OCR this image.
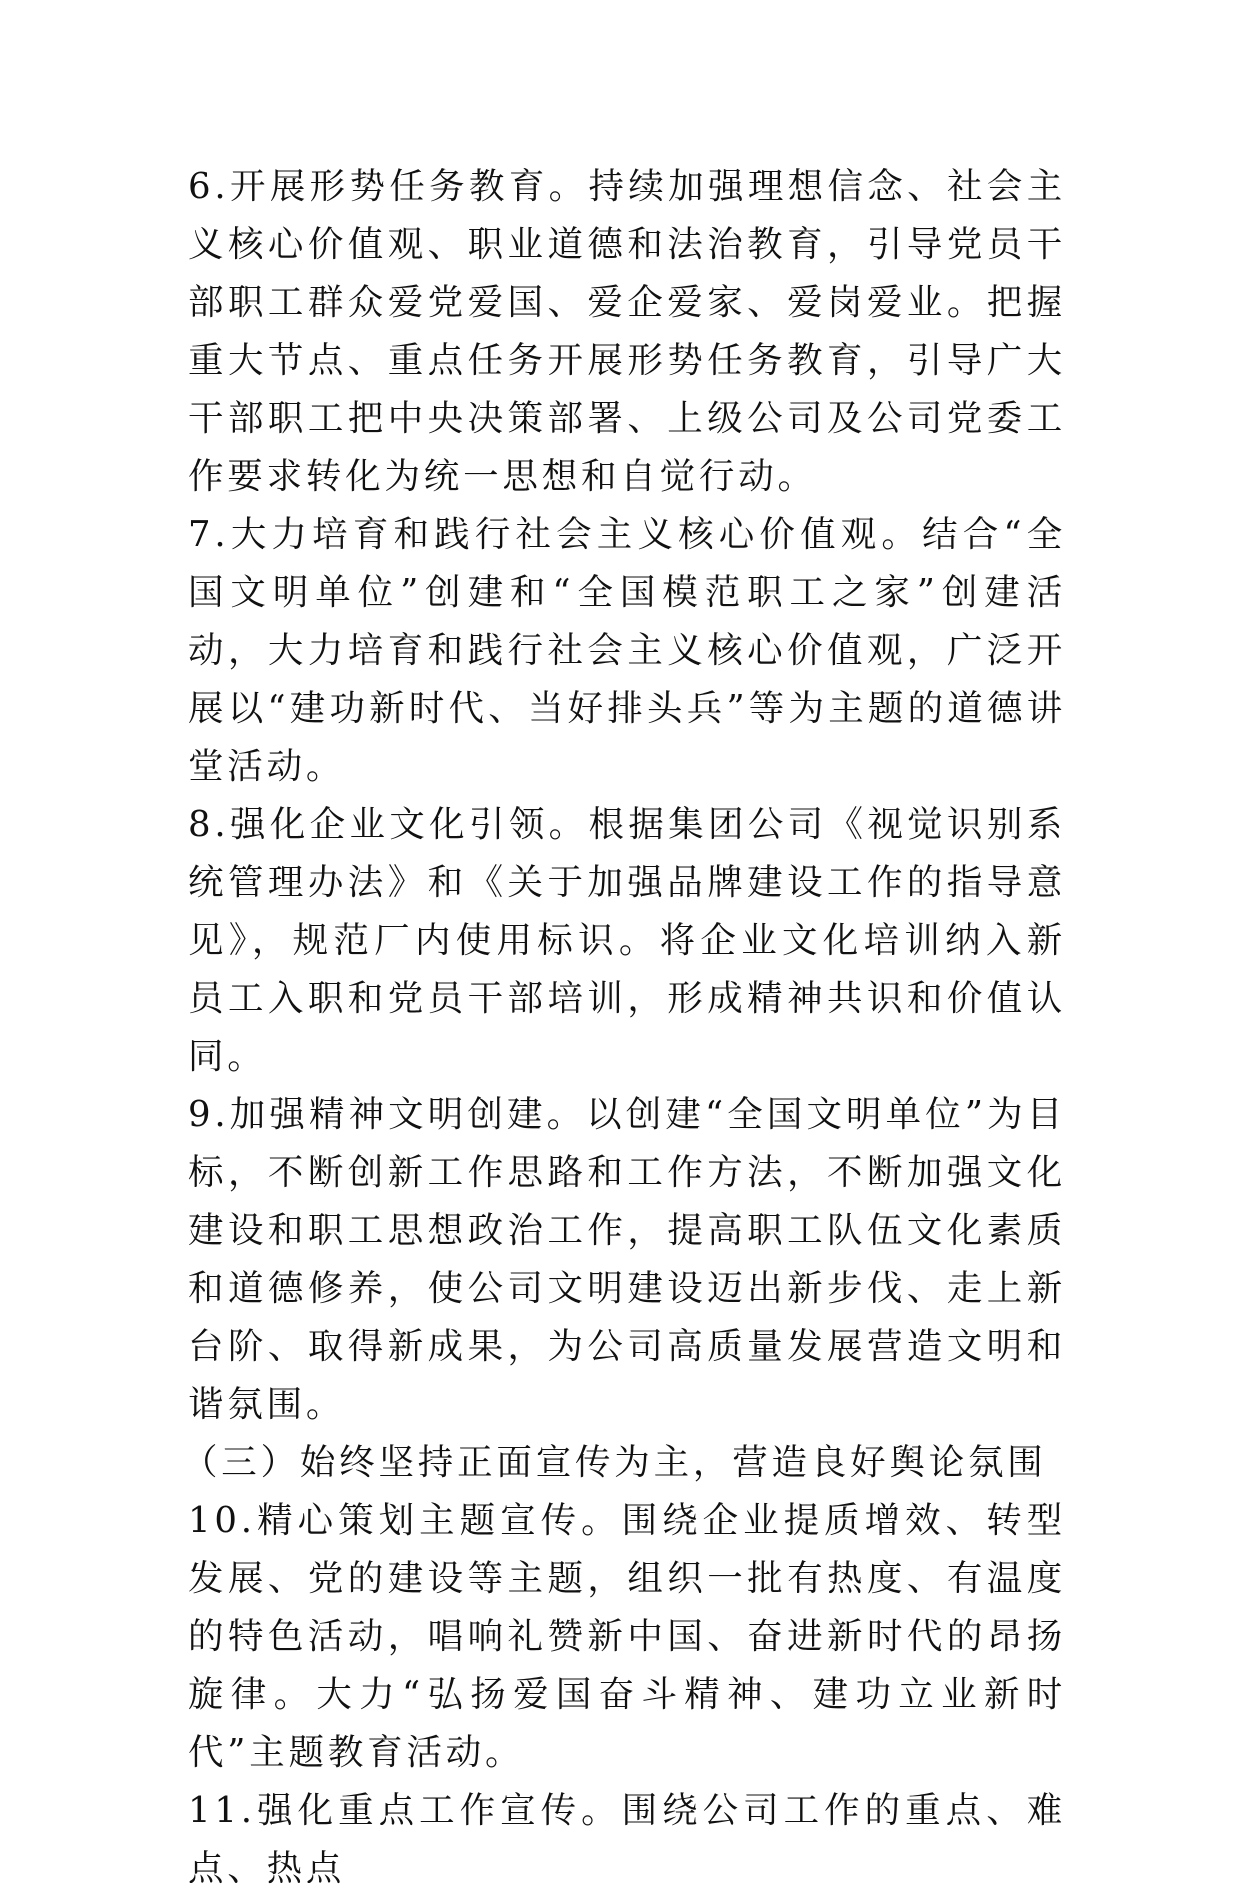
6.开展形势任务教育。持续加强理想信念、社会主义核心价值观、职业道德和法治教育，引导党员干部职工群众爱党爱国、爱企爱家、爱岗爱业。把握重大节点、重点任务开展形势任务教育，引导广大干部职工把中央决策部署、上级公司及公司党委工作要求转化为统一思想和自觉行动。

7.大力培育和践行社会主义核心价值观。结合“全国文明单位”创建和“全国模范职工之家”创建活动，大力培育和践行社会主义核心价值观，广泛开展以“建功新时代、当好排头兵”等为主题的道德讲堂活动。

8.强化企业文化引领。根据集团公司《视觉识别系统管理办法》和《关于加强品牌建设工作的指导意见》，规范厂内使用标识。将企业文化培训纳入新员工入职和党员干部培训，形成精神共识和价值认同。

9.加强精神文明创建。以创建“全国文明单位”为目标，不断创新工作思路和工作方法，不断加强文化建设和职工思想政治工作，提高职工队伍文化素质和道德修养，使公司文明建设迈出新步伐、走上新台阶、取得新成果，为公司高质量发展营造文明和谐氛围。

（三）始终坚持正面宣传为主，营造良好舆论氛围

10.精心策划主题宣传。围绕企业提质增效、转型发展、党的建设等主题，组织一批有热度、有温度的特色活动，唱响礼赞新中国、奋进新时代的昂扬旋律。大力“弘扬爱国奋斗精神、建功立业新时代”主题教育活动。

11.强化重点工作宣传。围绕公司工作的重点、难点、热点
